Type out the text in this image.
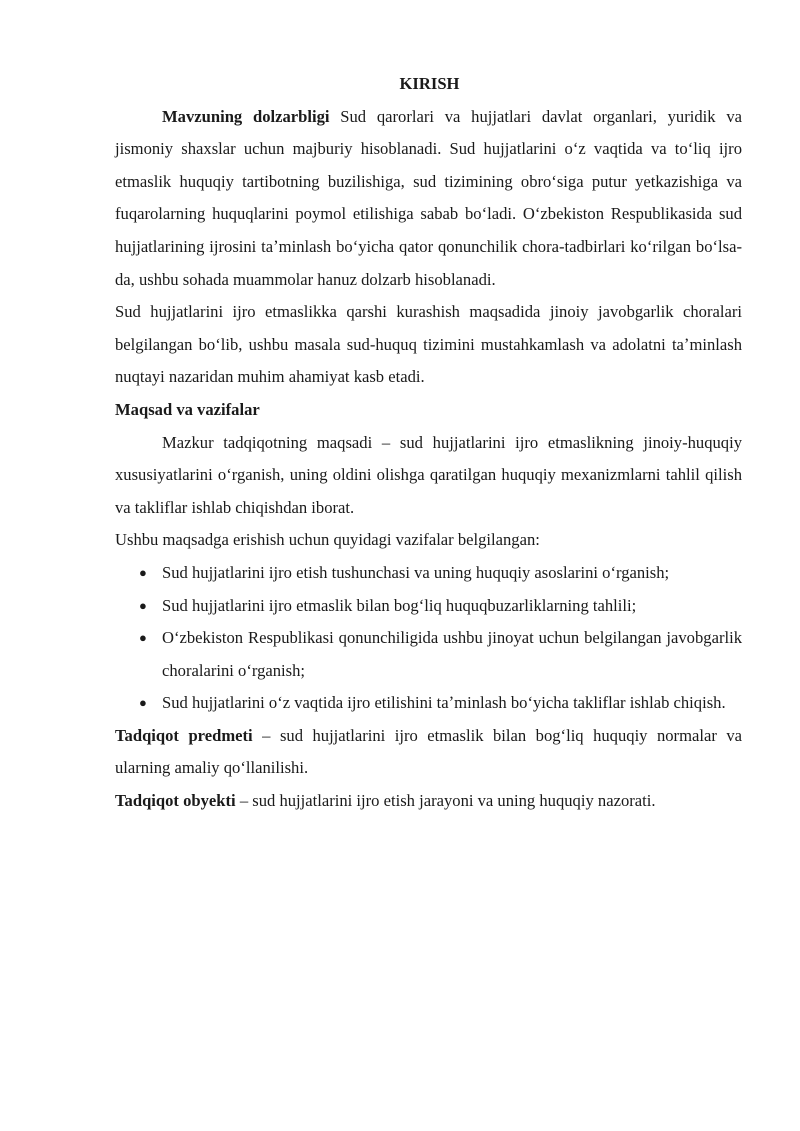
KIRISH

Mavzuning dolzarbligi Sud qarorlari va hujjatlari davlat organlari, yuridik va jismoniy shaxslar uchun majburiy hisoblanadi. Sud hujjatlarini oʻz vaqtida va toʻliq ijro etmaslik huquqiy tartibotning buzilishiga, sud tizimining obroʻsiga putur yetkazishiga va fuqarolarning huquqlarini poymol etilishiga sabab boʻladi. Oʻzbekiston Respublikasida sud hujjatlarining ijrosini taʼminlash boʻyicha qator qonunchilik chora-tadbirlari koʻrilgan boʻlsa-da, ushbu sohada muammolar hanuz dolzarb hisoblanadi.

Sud hujjatlarini ijro etmaslikka qarshi kurashish maqsadida jinoiy javobgarlik choralari belgilangan boʻlib, ushbu masala sud-huquq tizimini mustahkamlash va adolatni taʼminlash nuqtayi nazaridan muhim ahamiyat kasb etadi.

Maqsad va vazifalar

Mazkur tadqiqotning maqsadi – sud hujjatlarini ijro etmaslikning jinoiy-huquqiy xususiyatlarini oʻrganish, uning oldini olishga qaratilgan huquqiy mexanizmlarni tahlil qilish va takliflar ishlab chiqishdan iborat.

Ushbu maqsadga erishish uchun quyidagi vazifalar belgilangan:

● Sud hujjatlarini ijro etish tushunchasi va uning huquqiy asoslarini oʻrganish;
● Sud hujjatlarini ijro etmaslik bilan bogʻliq huquqbuzarliklarning tahlili;
● Oʻzbekiston Respublikasi qonunchiligida ushbu jinoyat uchun belgilangan javobgarlik choralarini oʻrganish;
● Sud hujjatlarini oʻz vaqtida ijro etilishini taʼminlash boʻyicha takliflar ishlab chiqish.

Tadqiqot predmeti – sud hujjatlarini ijro etmaslik bilan bogʻliq huquqiy normalar va ularning amaliy qoʻllanilishi.

Tadqiqot obyekti – sud hujjatlarini ijro etish jarayoni va uning huquqiy nazorati.
